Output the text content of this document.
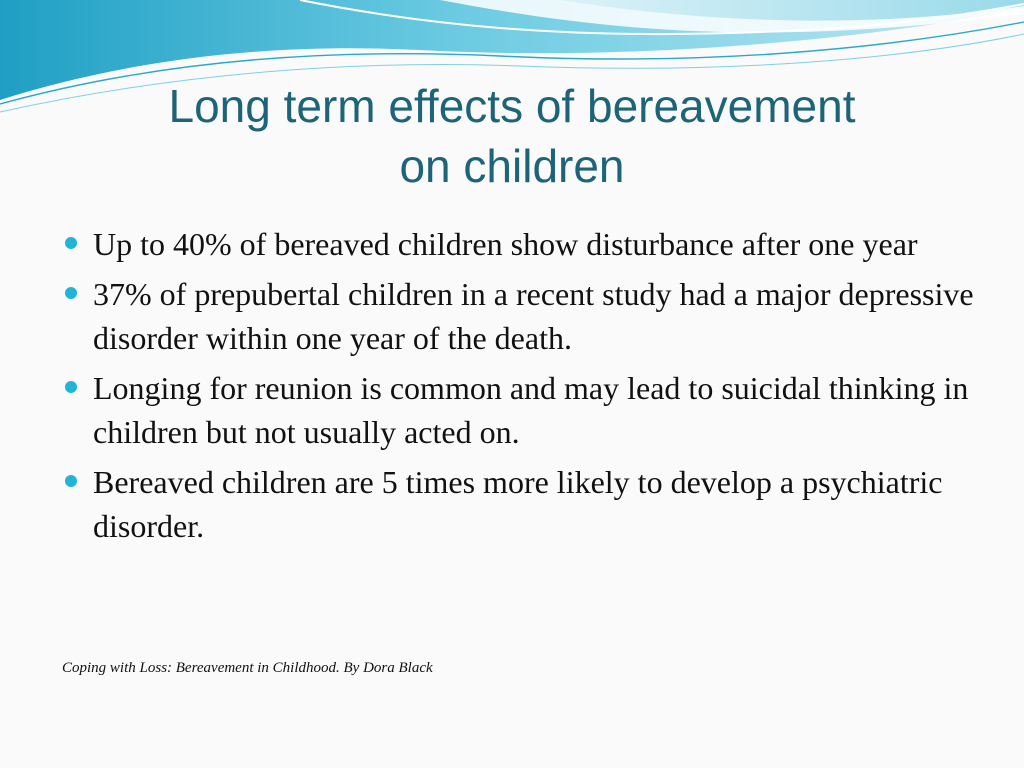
Long term effects of bereavement
on children
Up to 40% of bereaved children show disturbance after one year
37% of prepubertal children in a recent study had a major depressive disorder within one year of the death.
Longing for reunion is common and may lead to suicidal thinking in children but not usually acted on.
Bereaved children are 5 times more likely to develop a psychiatric disorder.
Coping with Loss: Bereavement in Childhood. By Dora Black
